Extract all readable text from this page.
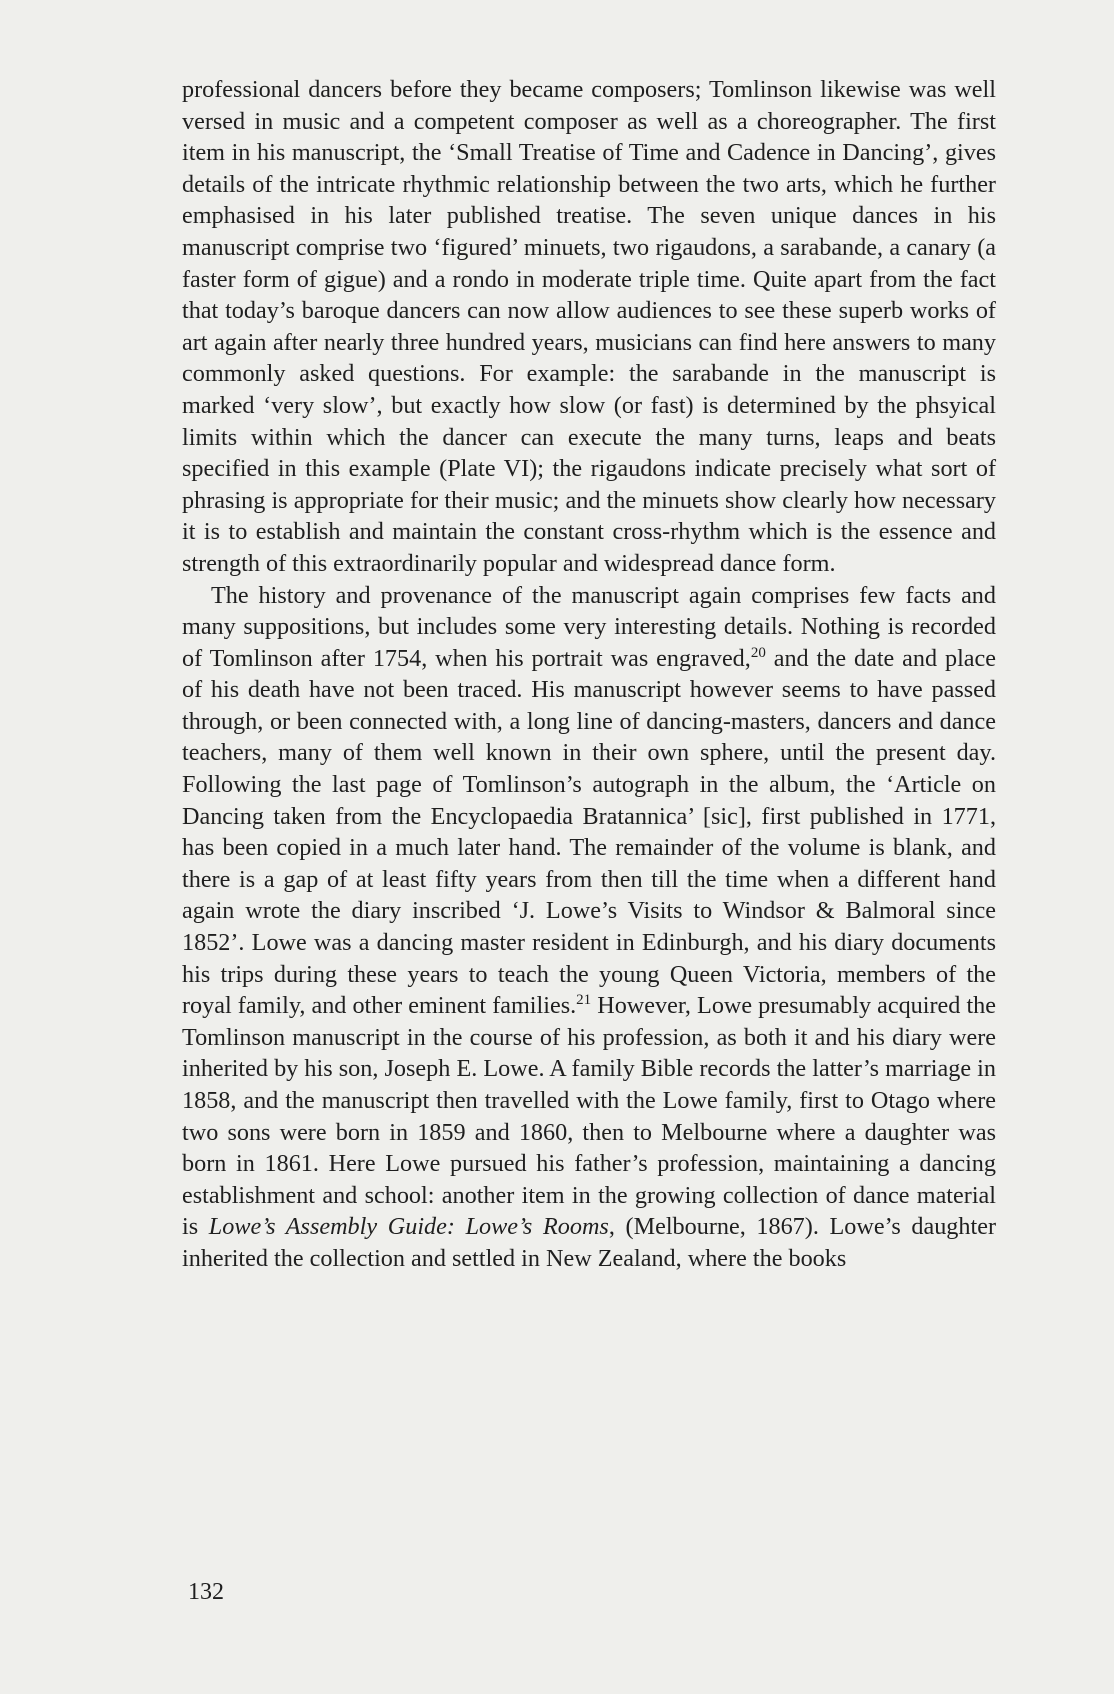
professional dancers before they became composers; Tomlinson likewise was well versed in music and a competent composer as well as a choreographer. The first item in his manuscript, the ‘Small Treatise of Time and Cadence in Dancing’, gives details of the intricate rhythmic relationship between the two arts, which he further emphasised in his later published treatise. The seven unique dances in his manuscript comprise two ‘figured’ minuets, two rigaudons, a sarabande, a canary (a faster form of gigue) and a rondo in moderate triple time. Quite apart from the fact that today’s baroque dancers can now allow audiences to see these superb works of art again after nearly three hundred years, musicians can find here answers to many commonly asked questions. For example: the sarabande in the manuscript is marked ‘very slow’, but exactly how slow (or fast) is determined by the phsyical limits within which the dancer can execute the many turns, leaps and beats specified in this example (Plate VI); the rigaudons indicate precisely what sort of phrasing is appropriate for their music; and the minuets show clearly how necessary it is to establish and maintain the constant cross-rhythm which is the essence and strength of this extraordinarily popular and widespread dance form.

The history and provenance of the manuscript again comprises few facts and many suppositions, but includes some very interesting details. Nothing is recorded of Tomlinson after 1754, when his portrait was engraved,$^{20}$ and the date and place of his death have not been traced. His manuscript however seems to have passed through, or been connected with, a long line of dancing-masters, dancers and dance teachers, many of them well known in their own sphere, until the present day. Following the last page of Tomlinson’s autograph in the album, the ‘Article on Dancing taken from the Encyclopaedia Bratannica’ [sic], first published in 1771, has been copied in a much later hand. The remainder of the volume is blank, and there is a gap of at least fifty years from then till the time when a different hand again wrote the diary inscribed ‘J. Lowe’s Visits to Windsor & Balmoral since 1852’. Lowe was a dancing master resident in Edinburgh, and his diary documents his trips during these years to teach the young Queen Victoria, members of the royal family, and other eminent families.$^{21}$ However, Lowe presumably acquired the Tomlinson manuscript in the course of his profession, as both it and his diary were inherited by his son, Joseph E. Lowe. A family Bible records the latter’s marriage in 1858, and the manuscript then travelled with the Lowe family, first to Otago where two sons were born in 1859 and 1860, then to Melbourne where a daughter was born in 1861. Here Lowe pursued his father’s profession, maintaining a dancing establishment and school: another item in the growing collection of dance material is Lowe’s Assembly Guide: Lowe’s Rooms, (Melbourne, 1867). Lowe’s daughter inherited the collection and settled in New Zealand, where the books

132
